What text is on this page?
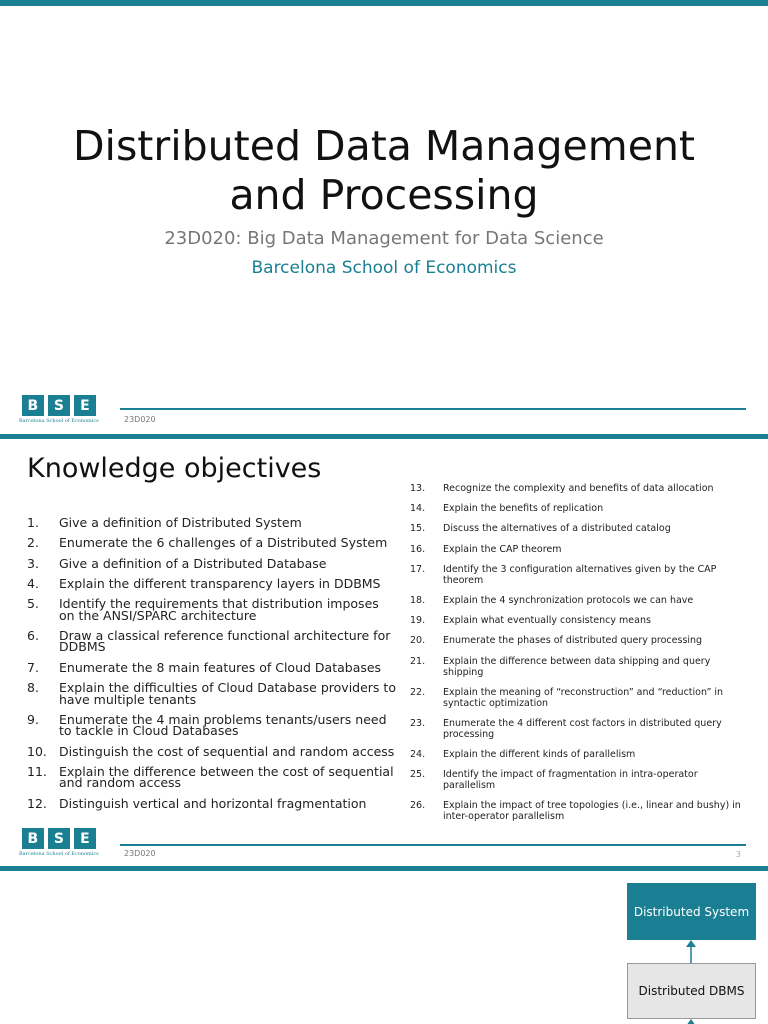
Distributed Data Management
and Processing
23D020: Big Data Management for Data Science
Barcelona School of Economics
B	S	E
Barcelona School of Economics	23D020
Knowledge objectives
1.	Give a definition of Distributed System
2.	Enumerate the 6 challenges of a Distributed System
3.	Give a definition of a Distributed Database
4.	Explain the different transparency layers in DDBMS
5.	Identify the requirements that distribution imposes on the ANSI/SPARC architecture
6.	Draw a classical reference functional architecture for DDBMS
7.	Enumerate the 8 main features of Cloud Databases
8.	Explain the difficulties of Cloud Database providers to have multiple tenants
9.	Enumerate the 4 main problems tenants/users need to tackle in Cloud Databases
10. Distinguish the cost of sequential and random access
11. Explain the difference between the cost of sequential and random access
12. Distinguish vertical and horizontal fragmentation
13.	Recognize the complexity and benefits of data allocation
14.	Explain the benefits of replication
15.	Discuss the alternatives of a distributed catalog
16.	Explain the CAP theorem
17.	Identify the 3 configuration alternatives given by the CAP theorem
18.	Explain the 4 synchronization protocols we can have
19.	Explain what eventually consistency means
20.	Enumerate the phases of distributed query processing
21.	Explain the difference between data shipping and query shipping
22.	Explain the meaning of “reconstruction” and “reduction” in syntactic optimization
23.	Enumerate the 4 different cost factors in distributed query processing
24.	Explain the different kinds of parallelism
25.	Identify the impact of fragmentation in intra-operator parallelism
26.	Explain the impact of tree topologies (i.e., linear and bushy) in inter-operator parallelism
B	S	E
Barcelona School of Economics	23D020	3
Distributed System
Distributed DBMS
